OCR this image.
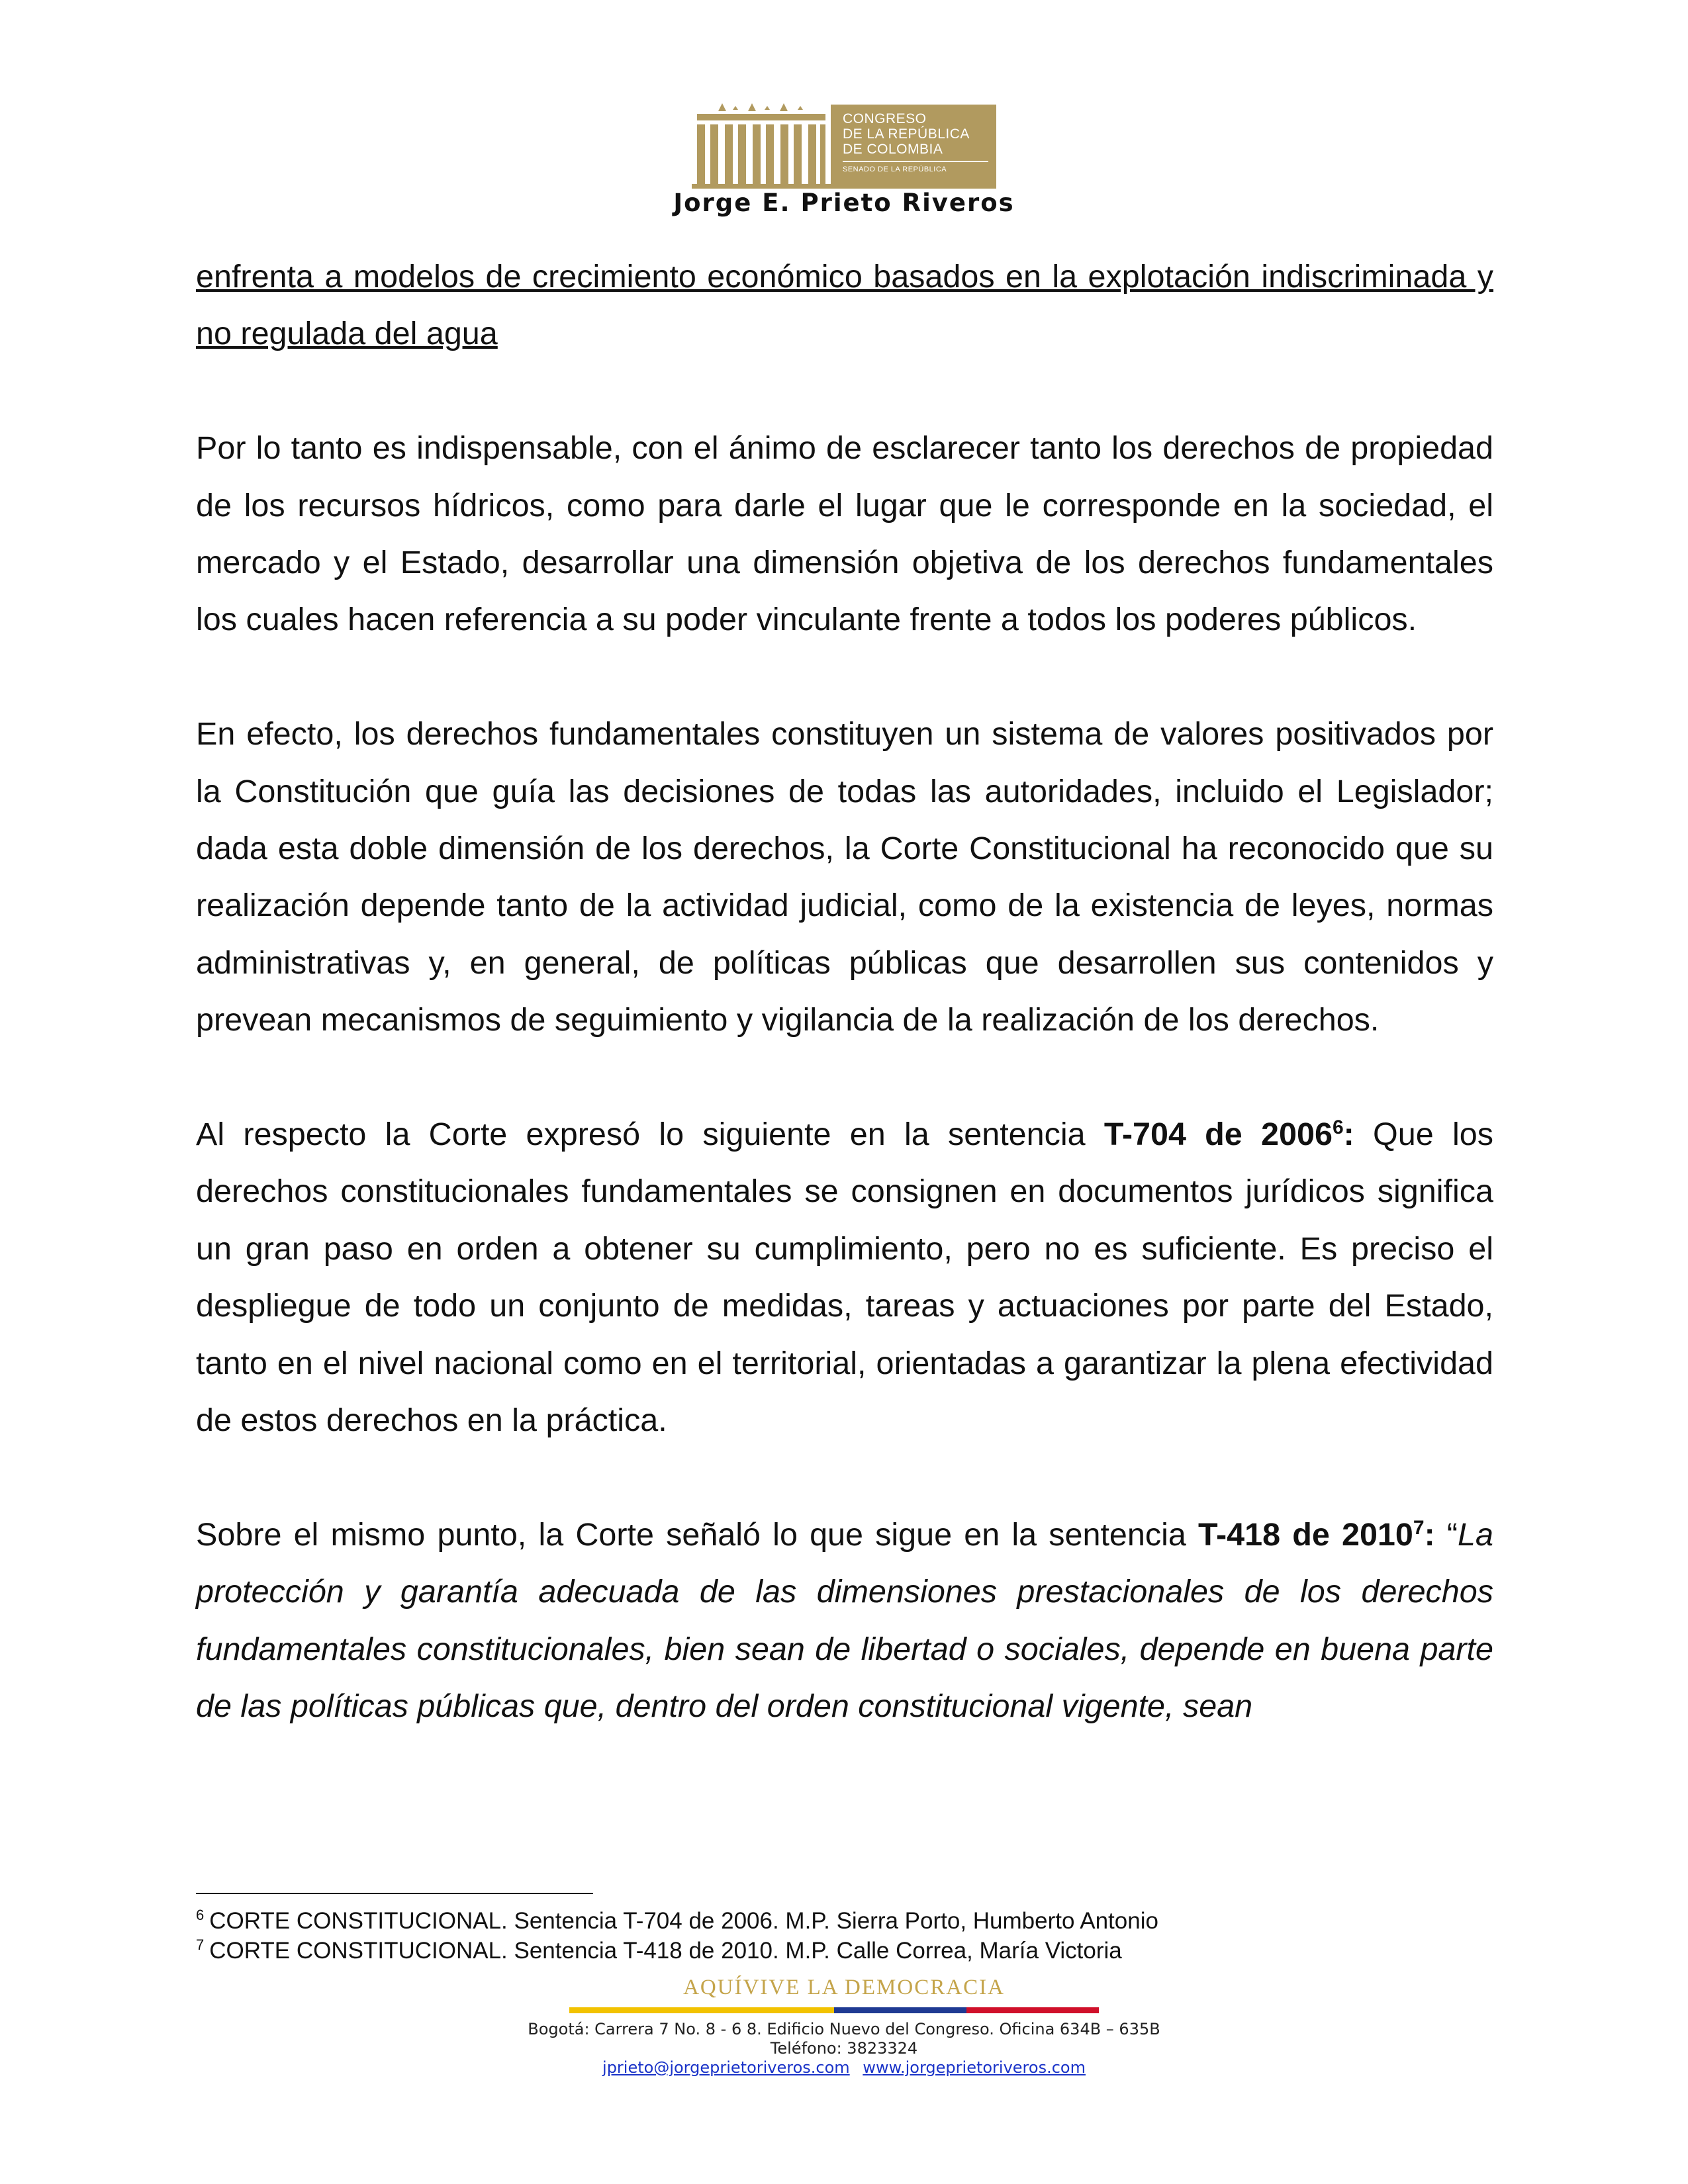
CONGRESO
DE LA REPÚBLICA
DE COLOMBIA
SENADO DE LA REPÚBLICA
Jorge E. Prieto Riveros

enfrenta a modelos de crecimiento económico basados en la explotación indiscriminada y no regulada del agua

Por lo tanto es indispensable, con el ánimo de esclarecer tanto los derechos de propiedad de los recursos hídricos, como para darle el lugar que le corresponde en la sociedad, el mercado y el Estado, desarrollar una dimensión objetiva de los derechos fundamentales los cuales hacen referencia a su poder vinculante frente a todos los poderes públicos.

En efecto, los derechos fundamentales constituyen un sistema de valores positivados por la Constitución que guía las decisiones de todas las autoridades, incluido el Legislador; dada esta doble dimensión de los derechos, la Corte Constitucional ha reconocido que su realización depende tanto de la actividad judicial, como de la existencia de leyes, normas administrativas y, en general, de políticas públicas que desarrollen sus contenidos y prevean mecanismos de seguimiento y vigilancia de la realización de los derechos.

Al respecto la Corte expresó lo siguiente en la sentencia T-704 de 2006$^6$: Que los derechos constitucionales fundamentales se consignen en documentos jurídicos significa un gran paso en orden a obtener su cumplimiento, pero no es suficiente. Es preciso el despliegue de todo un conjunto de medidas, tareas y actuaciones por parte del Estado, tanto en el nivel nacional como en el territorial, orientadas a garantizar la plena efectividad de estos derechos en la práctica.

Sobre el mismo punto, la Corte señaló lo que sigue en la sentencia T-418 de 2010$^7$: “La protección y garantía adecuada de las dimensiones prestacionales de los derechos fundamentales constitucionales, bien sean de libertad o sociales, depende en buena parte de las políticas públicas que, dentro del orden constitucional vigente, sean

$^6$ CORTE CONSTITUCIONAL. Sentencia T-704 de 2006. M.P. Sierra Porto, Humberto Antonio
$^7$ CORTE CONSTITUCIONAL. Sentencia T-418 de 2010. M.P. Calle Correa, María Victoria
AQUÍVIVE LA DEMOCRACIA
Bogotá: Carrera 7 No. 8 - 6 8. Edificio Nuevo del Congreso. Oficina 634B – 635B
Teléfono: 3823324
jprieto@jorgeprietoriveros.com www.jorgeprietoriveros.com
